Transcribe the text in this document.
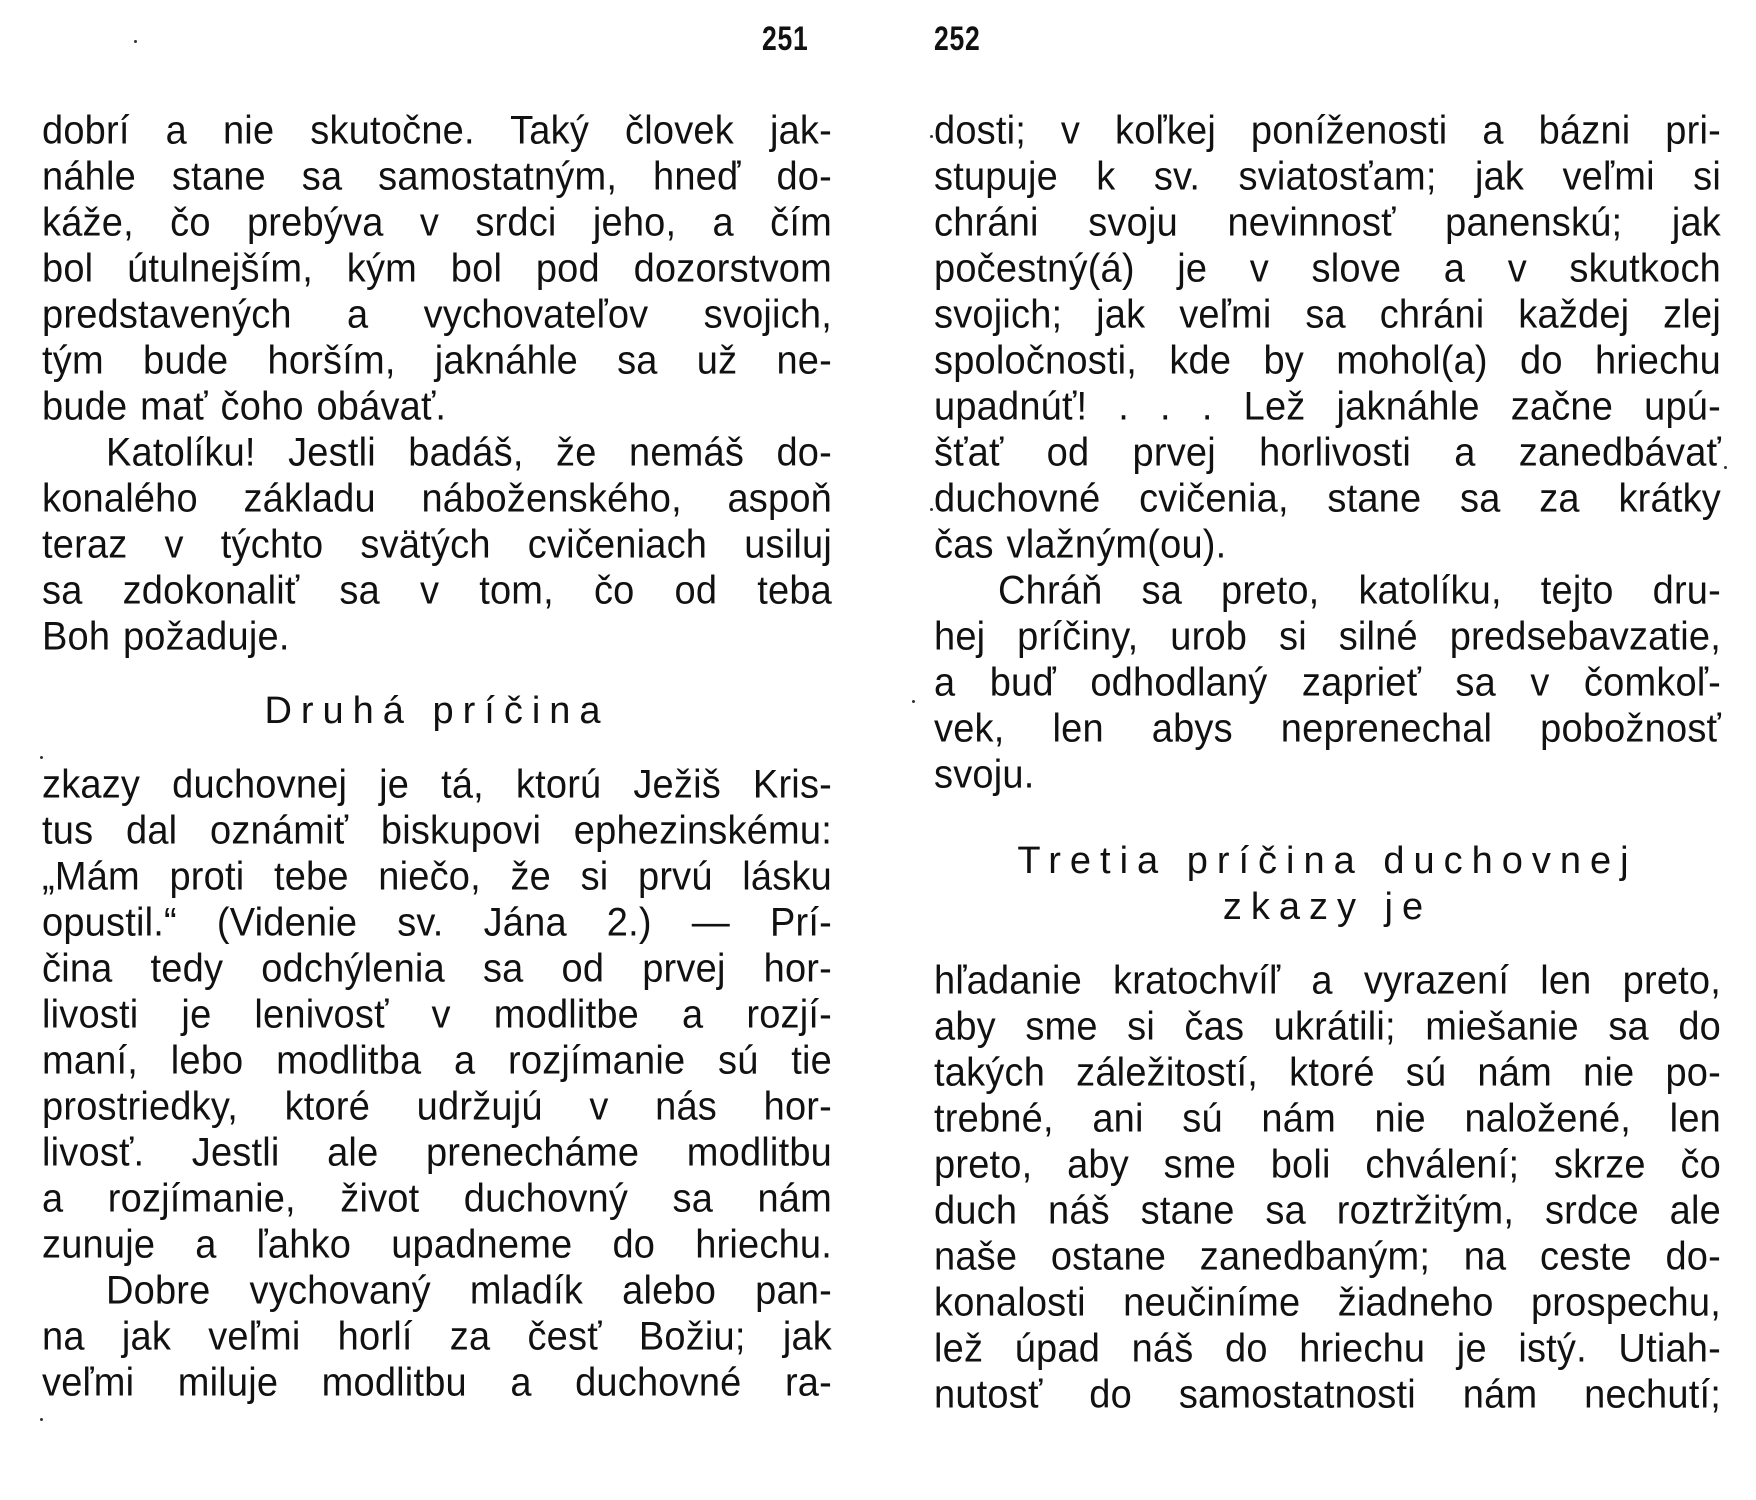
251
dobrí a nie skutočne. Taký človek jak-
náhle stane sa samostatným, hneď do-
káže, čo prebýva v srdci jeho, a čím
bol útulnejším, kým bol pod dozorstvom
predstavených a vychovateľov svojich,
tým bude horším, jaknáhle sa už ne-
bude mať čoho obávať.
Katolíku! Jestli badáš, že nemáš do-
konalého základu náboženského, aspoň
teraz v týchto svätých cvičeniach usiluj
sa zdokonaliť sa v tom, čo od teba
Boh požaduje.
Druhá príčina
zkazy duchovnej je tá, ktorú Ježiš Kris-
tus dal oznámiť biskupovi ephezinskému:
„Mám proti tebe niečo, že si prvú lásku
opustil.“ (Videnie sv. Jána 2.) — Prí-
čina tedy odchýlenia sa od prvej hor-
livosti je lenivosť v modlitbe a rozjí-
maní, lebo modlitba a rozjímanie sú tie
prostriedky, ktoré udržujú v nás hor-
livosť. Jestli ale prenecháme modlitbu
a rozjímanie, život duchovný sa nám
zunuje a ľahko upadneme do hriechu.
Dobre vychovaný mladík alebo pan-
na jak veľmi horlí za česť Božiu; jak
veľmi miluje modlitbu a duchovné ra-
252
dosti; v koľkej poníženosti a bázni pri-
stupuje k sv. sviatosťam; jak veľmi si
chráni svoju nevinnosť panenskú; jak
počestný(á) je v slove a v skutkoch
svojich; jak veľmi sa chráni každej zlej
spoločnosti, kde by mohol(a) do hriechu
upadnúť! . . . Lež jaknáhle začne upú-
šťať od prvej horlivosti a zanedbávať
duchovné cvičenia, stane sa za krátky
čas vlažným(ou).
Chráň sa preto, katolíku, tejto dru-
hej príčiny, urob si silné predsebavzatie,
a buď odhodlaný zaprieť sa v čomkoľ-
vek, len abys neprenechal pobožnosť
svoju.
Tretia príčina duchovnej
zkazy je
hľadanie kratochvíľ a vyrazení len preto,
aby sme si čas ukrátili; miešanie sa do
takých záležitostí, ktoré sú nám nie po-
trebné, ani sú nám nie naložené, len
preto, aby sme boli chválení; skrze čo
duch náš stane sa roztržitým, srdce ale
naše ostane zanedbaným; na ceste do-
konalosti neučiníme žiadneho prospechu,
lež úpad náš do hriechu je istý. Utiah-
nutosť do samostatnosti nám nechutí;
